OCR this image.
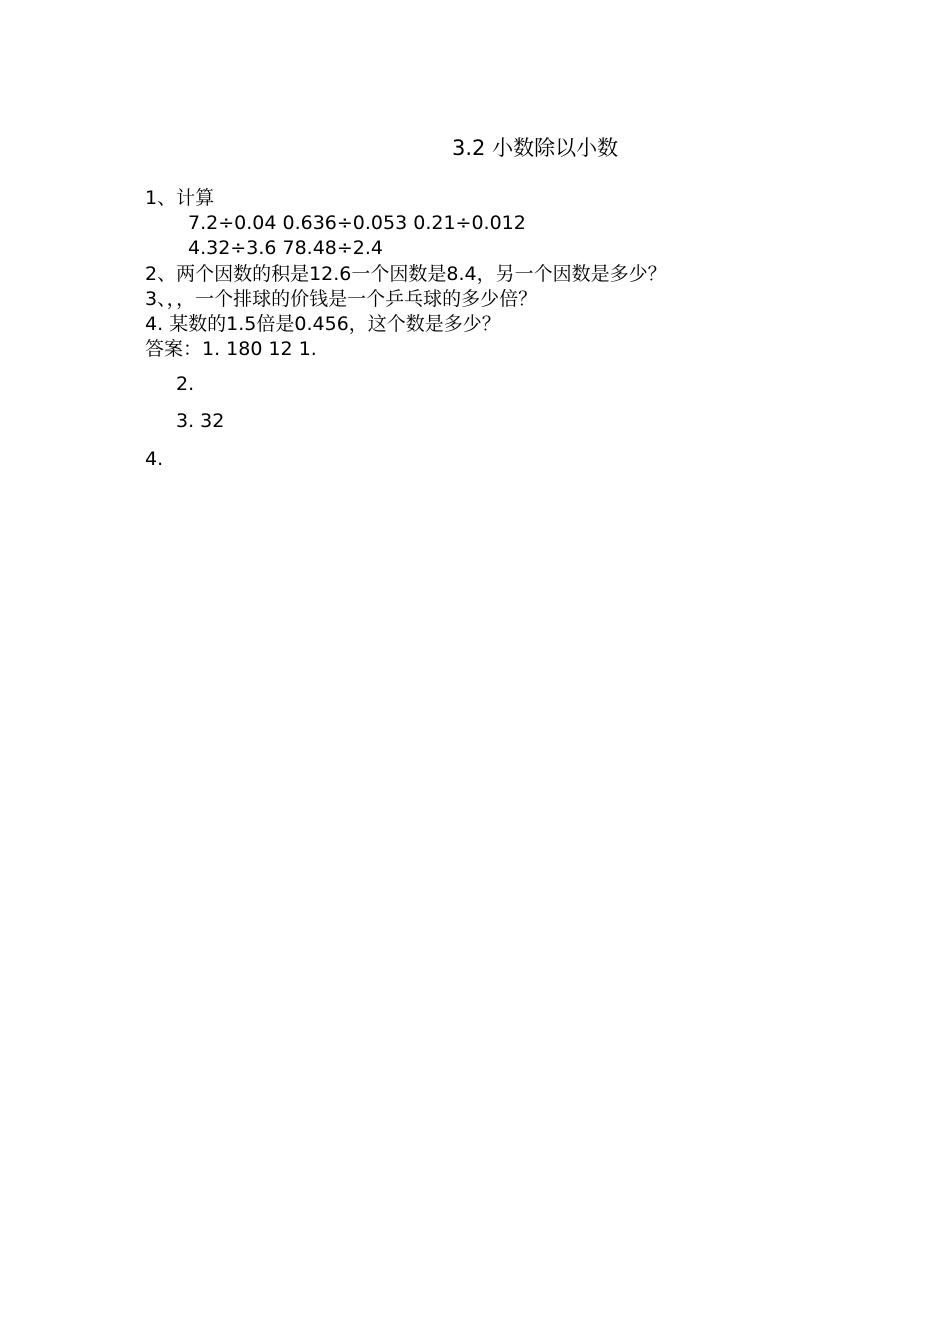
3.2 小数除以小数
1、计算
7.2÷0.04 0.636÷0.053 0.21÷0.012
4.32÷3.6 78.48÷2.4
2、两个因数的积是12.6一个因数是8.4，另一个因数是多少？
3、，，一个排球的价钱是一个乒乓球的多少倍？
4. 某数的1.5倍是0.456，这个数是多少？
答案：1. 180 12 1.
2.
3. 32
4.
